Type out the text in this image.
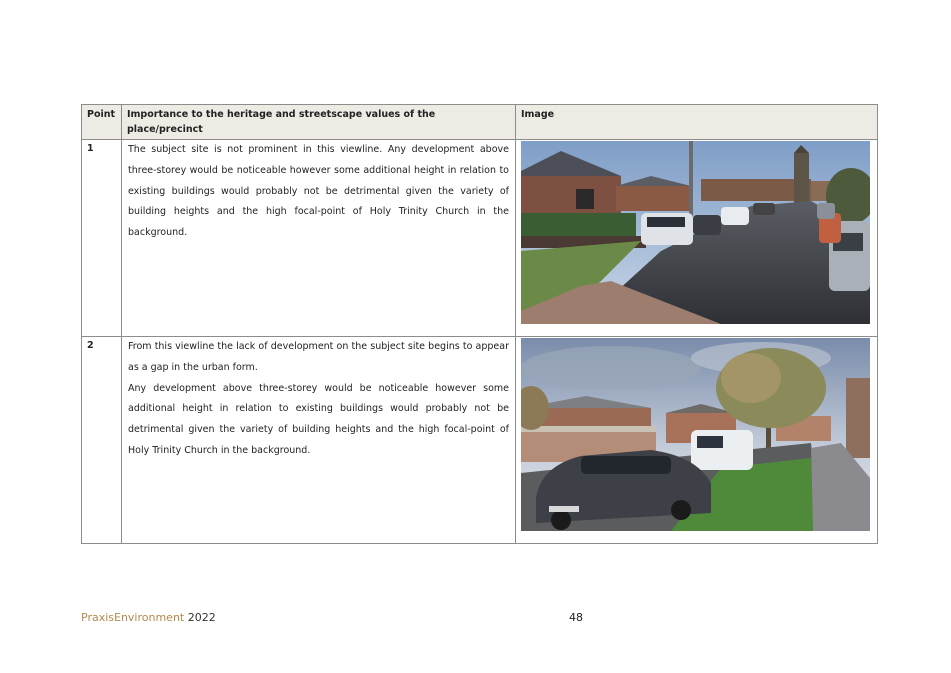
Point	Importance to the heritage and streetscape values of the place/precinct	Image
1	The subject site is not prominent in this viewline. Any development above three-storey would be noticeable however some additional height in relation to existing buildings would probably not be detrimental given the variety of building heights and the high focal-point of Holy Trinity Church in the background.

2	From this viewline the lack of development on the subject site begins to appear as a gap in the urban form.

Any development above three-storey would be noticeable however some additional height in relation to existing buildings would probably not be detrimental given the variety of building heights and the high focal-point of Holy Trinity Church in the background.

PraxisEnvironment 2022	48
